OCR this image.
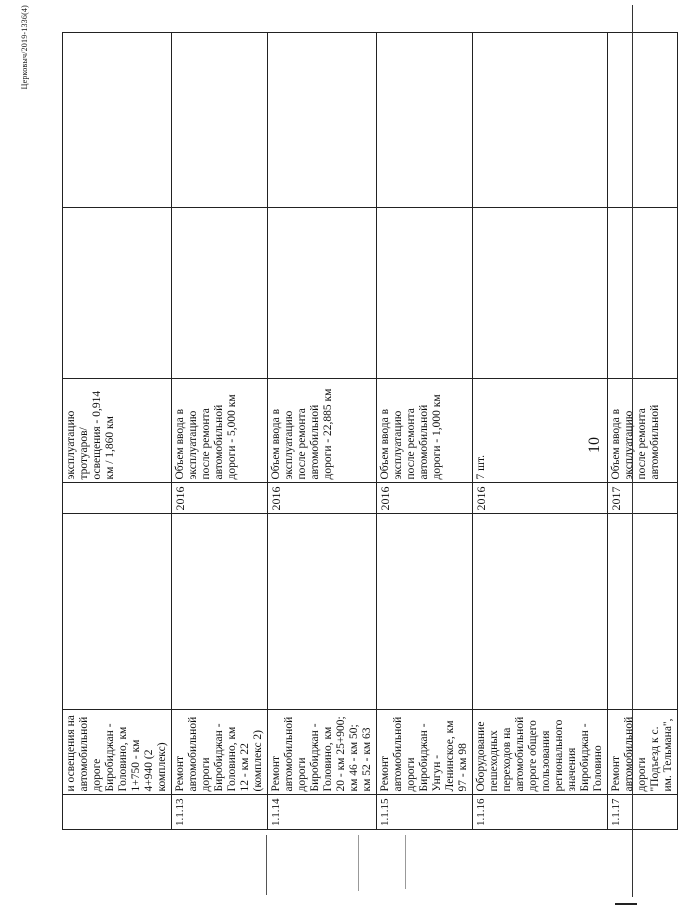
10
Церковыч/2019-1336(4)
	и освещения на автомобильной дороге Биробиджан - Головино, км 1+750 - км 4+940 (2 комплекс)			эксплуатацию тротуаров/освещения - 0,914 км / 1,860 км		
1.1.13	Ремонт автомобильной дороги Биробиджан - Головино, км 12 - км 22 (комплекс 2)		2016	Объем ввода в эксплуатацию после ремонта автомобильной дороги - 5,000 км		
1.1.14	Ремонт автомобильной дороги Биробиджан - Головино, км 20 - км 25+900; км 46 - км 50; км 52 - км 63		2016	Объем ввода в эксплуатацию после ремонта автомобильной дороги - 22,885 км		
1.1.15	Ремонт автомобильной дороги Биробиджан - Унгун - Ленинское, км 97 - км 98		2016	Объем ввода в эксплуатацию после ремонта автомобильной дороги - 1,000 км		
1.1.16	Оборудование пешеходных переходов на автомобильной дороге общего пользования регионального значения Биробиджан - Головино		2016	7 шт.		
1.1.17	Ремонт автомобильной дороги "Подъезд к с. им. Тельмана",		2017	Объем ввода в эксплуатацию после ремонта автомобильной		
